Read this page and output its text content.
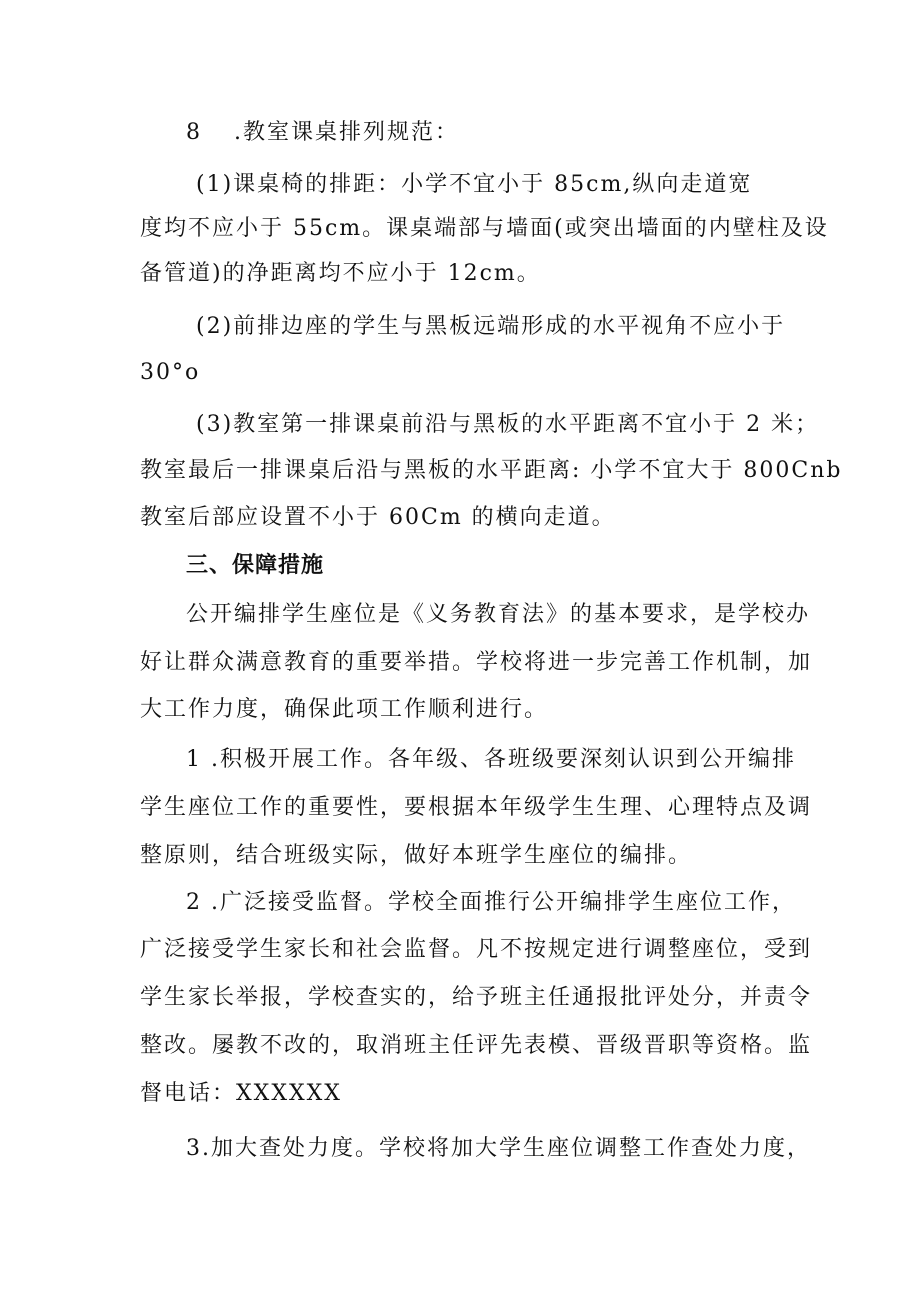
8 .教室课桌排列规范：
(1)课桌椅的排距：小学不宜小于 85cm,纵向走道宽
度均不应小于 55cm。课桌端部与墙面(或突出墙面的内壁柱及设
备管道)的净距离均不应小于 12cm。
(2)前排边座的学生与黑板远端形成的水平视角不应小于
30°o
(3)教室第一排课桌前沿与黑板的水平距离不宜小于 2 米；
教室最后一排课桌后沿与黑板的水平距离: 小学不宜大于 800Cnb
教室后部应设置不小于 60Cm 的横向走道。
三、保障措施
公开编排学生座位是《义务教育法》的基本要求，是学校办
好让群众满意教育的重要举措。学校将进一步完善工作机制，加
大工作力度，确保此项工作顺利进行。
1 .积极开展工作。各年级、各班级要深刻认识到公开编排
学生座位工作的重要性，要根据本年级学生生理、心理特点及调
整原则，结合班级实际，做好本班学生座位的编排。
2 .广泛接受监督。学校全面推行公开编排学生座位工作，
广泛接受学生家长和社会监督。凡不按规定进行调整座位，受到
学生家长举报，学校查实的，给予班主任通报批评处分，并责令
整改。屡教不改的，取消班主任评先表模、晋级晋职等资格。监
督电话：XXXXXX
3.加大查处力度。学校将加大学生座位调整工作查处力度，
